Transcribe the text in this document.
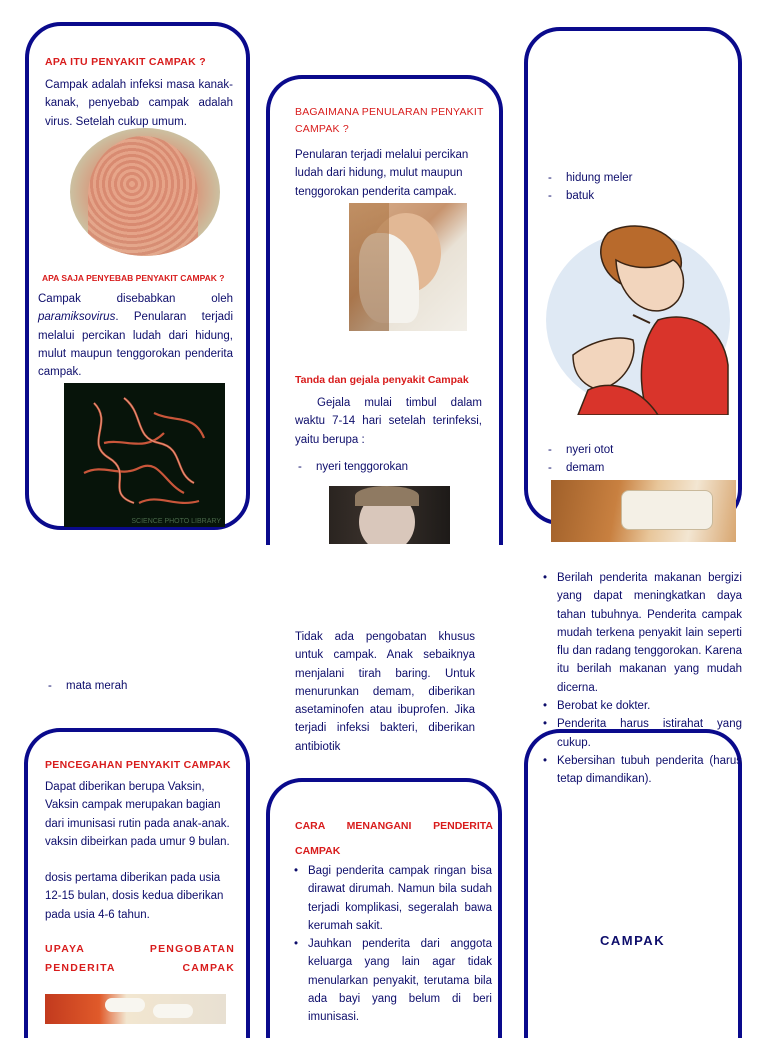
APA ITU PENYAKIT CAMPAK ?
Campak adalah infeksi masa kanak-kanak, penyebab campak adalah virus. Setelah cukup umum.
APA SAJA PENYEBAB PENYAKIT CAMPAK ?
Campak disebabkan oleh paramiksovirus. Penularan terjadi melalui percikan ludah dari hidung, mulut maupun tenggorokan penderita campak.
SCIENCE PHOTO LIBRARY
BAGAIMANA PENULARAN PENYAKIT CAMPAK ?
Penularan terjadi melalui percikan ludah dari hidung, mulut maupun tenggorokan penderita campak.
Tanda dan gejala penyakit Campak
Gejala mulai timbul dalam waktu 7-14 hari setelah terinfeksi, yaitu berupa :
- nyeri tenggorokan
- hidung meler
- batuk
- nyeri otot
- demam
- mata merah
Tidak ada pengobatan khusus untuk campak. Anak sebaiknya menjalani tirah baring. Untuk menurunkan demam, diberikan asetaminofen atau ibuprofen. Jika terjadi infeksi bakteri, diberikan antibiotik
• Berilah penderita makanan bergizi yang dapat meningkatkan daya tahan tubuhnya. Penderita campak mudah terkena penyakit lain seperti flu dan radang tenggorokan. Karena itu berilah makanan yang mudah dicerna.
• Berobat ke dokter.
• Penderita harus istirahat yang cukup.
• Kebersihan tubuh penderita (harus tetap dimandikan).
PENCEGAHAN PENYAKIT CAMPAK
Dapat diberikan berupa Vaksin, Vaksin campak merupakan bagian dari imunisasi rutin pada anak-anak. vaksin dibeirkan pada umur 9 bulan.
dosis pertama diberikan pada usia 12-15 bulan, dosis kedua diberikan pada usia 4-6 tahun.
UPAYA PENGOBATAN PENDERITA CAMPAK
CARA MENANGANI PENDERITA CAMPAK
• Bagi penderita campak ringan bisa dirawat dirumah. Namun bila sudah terjadi komplikasi, segeralah bawa kerumah sakit.
• Jauhkan penderita dari anggota keluarga yang lain agar tidak menularkan penyakit, terutama bila ada bayi yang belum di beri imunisasi.
CAMPAK
